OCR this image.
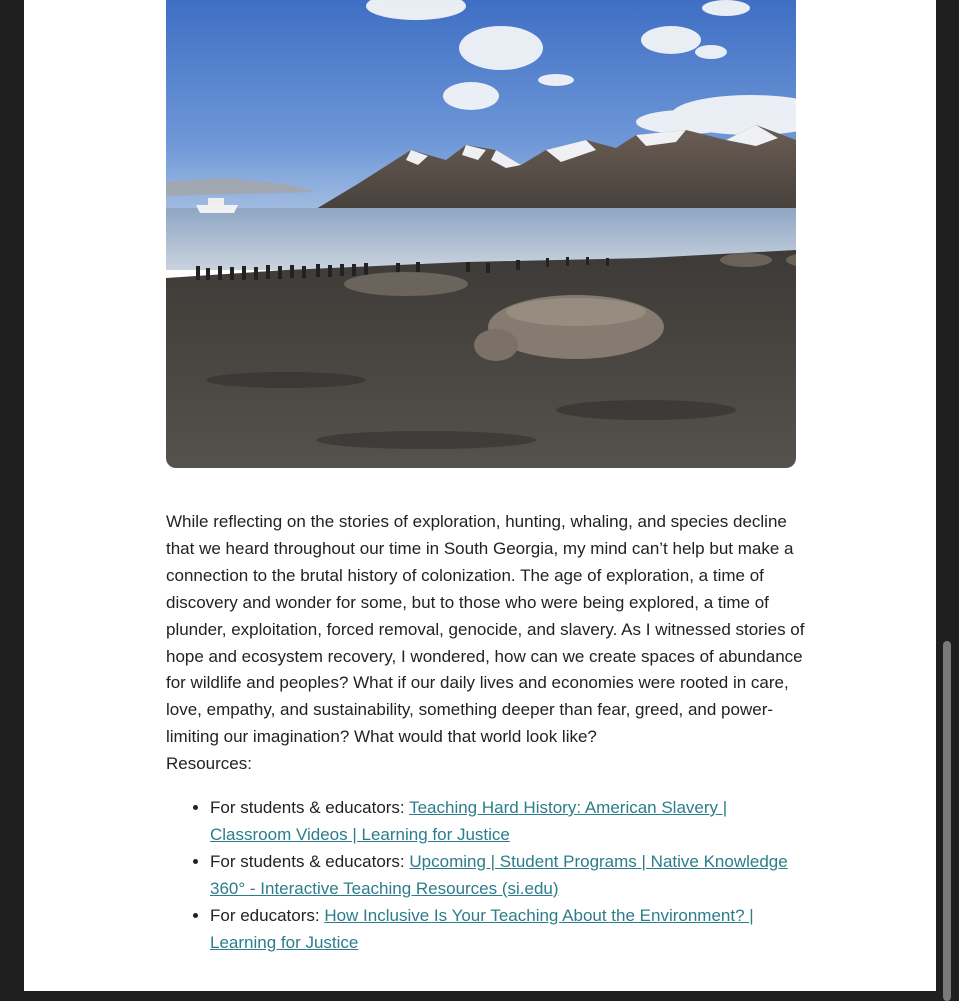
While reflecting on the stories of exploration, hunting, whaling, and species decline that we heard throughout our time in South Georgia, my mind can’t help but make a connection to the brutal history of colonization. The age of exploration, a time of discovery and wonder for some, but to those who were being explored, a time of plunder, exploitation, forced removal, genocide, and slavery. As I witnessed stories of hope and ecosystem recovery, I wondered, how can we create spaces of abundance for wildlife and peoples? What if our daily lives and economies were rooted in care, love, empathy, and sustainability, something deeper than fear, greed, and power-limiting our imagination? What would that world look like?

Resources:

• For students & educators: Teaching Hard History: American Slavery | Classroom Videos | Learning for Justice
• For students & educators: Upcoming | Student Programs | Native Knowledge 360° - Interactive Teaching Resources (si.edu)
• For educators: How Inclusive Is Your Teaching About the Environment? | Learning for Justice
